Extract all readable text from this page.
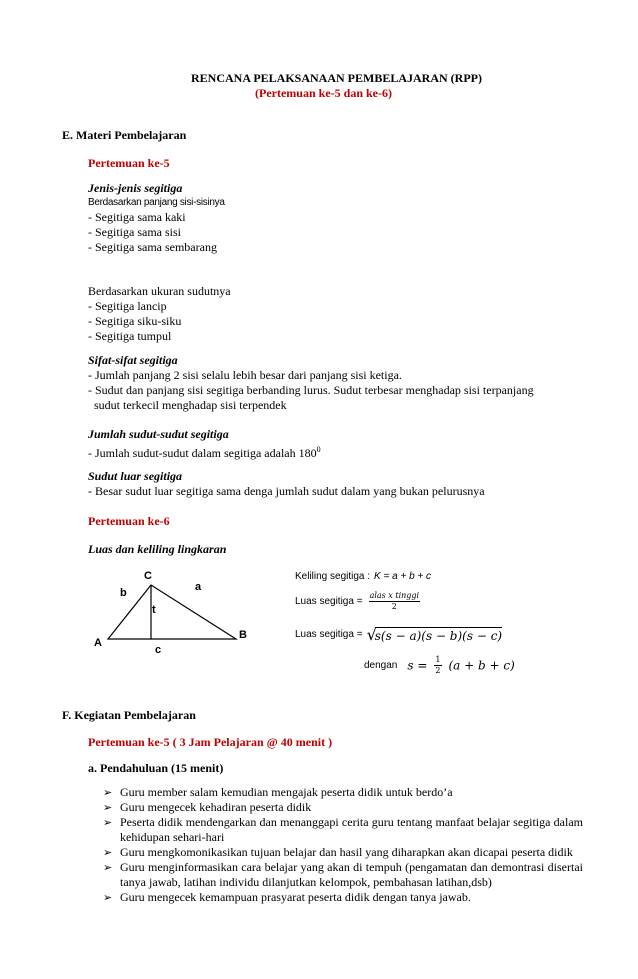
RENCANA PELAKSANAAN PEMBELAJARAN (RPP)
(Pertemuan ke-5 dan ke-6)
E. Materi Pembelajaran
Pertemuan ke-5
Jenis-jenis segitiga
Berdasarkan panjang sisi-sisinya
- Segitiga sama kaki
- Segitiga sama sisi
- Segitiga sama sembarang
Berdasarkan ukuran sudutnya
- Segitiga lancip
- Segitiga siku-siku
- Segitiga tumpul
Sifat-sifat segitiga
- Jumlah panjang 2 sisi selalu lebih besar dari panjang sisi ketiga.
- Sudut dan panjang sisi segitiga berbanding lurus. Sudut terbesar menghadap sisi terpanjang
sudut terkecil menghadap sisi terpendek
Jumlah sudut-sudut segitiga
- Jumlah sudut-sudut dalam segitiga adalah $180^0$
Sudut luar segitiga
- Besar sudut luar segitiga sama denga jumlah sudut dalam yang bukan pelurusnya
Pertemuan ke-6
Luas dan keliling lingkaran
C
A
B
a
b
c
t
Keliling segitiga : K = a + b + c
Luas segitiga =
alas x tinggi
2
Luas segitiga = √s(s − a)(s − b)(s − c)
dengan $s = \frac{1}{2} (a + b + c)$
F. Kegiatan Pembelajaran
Pertemuan ke-5 ( 3 Jam Pelajaran @ 40 menit )
a. Pendahuluan (15 menit)
➢ Guru member salam kemudian mengajak peserta didik untuk berdo’a
➢ Guru mengecek kehadiran peserta didik
➢ Peserta didik mendengarkan dan menanggapi cerita guru tentang manfaat belajar segitiga dalam kehidupan sehari-hari
➢ Guru mengkomonikasikan tujuan belajar dan hasil yang diharapkan akan dicapai peserta didik
➢ Guru menginformasikan cara belajar yang akan di tempuh (pengamatan dan demontrasi disertai tanya jawab, latihan individu dilanjutkan kelompok, pembahasan latihan,dsb)
➢ Guru mengecek kemampuan prasyarat peserta didik dengan tanya jawab.
